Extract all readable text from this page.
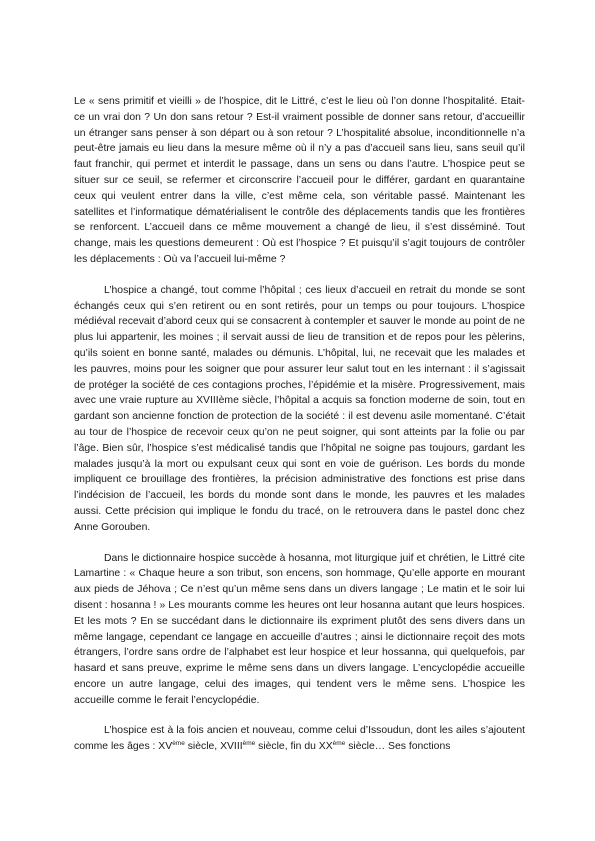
Le « sens primitif et vieilli » de l’hospice, dit le Littré, c’est le lieu où l’on donne l’hospitalité. Etait-ce un vrai don ? Un don sans retour ? Est-il vraiment possible de donner sans retour, d’accueillir un étranger sans penser à son départ ou à son retour ? L’hospitalité absolue, inconditionnelle n’a peut-être jamais eu lieu dans la mesure même où il n’y a pas d’accueil sans lieu, sans seuil qu’il faut franchir, qui permet et interdit le passage, dans un sens ou dans l’autre. L’hospice peut se situer sur ce seuil, se refermer et circonscrire l’accueil pour le différer, gardant en quarantaine ceux qui veulent entrer dans la ville, c’est même cela, son véritable passé. Maintenant les satellites et l’informatique dématérialisent le contrôle des déplacements tandis que les frontières se renforcent. L’accueil dans ce même mouvement a changé de lieu, il s’est disséminé. Tout change, mais les questions demeurent : Où est l’hospice ? Et puisqu’il s’agit toujours de contrôler les déplacements : Où va l’accueil lui-même ?

L’hospice a changé, tout comme l’hôpital ; ces lieux d’accueil en retrait du monde se sont échangés ceux qui s’en retirent ou en sont retirés, pour un temps ou pour toujours. L’hospice médiéval recevait d’abord ceux qui se consacrent à contempler et sauver le monde au point de ne plus lui appartenir, les moines ; il servait aussi de lieu de transition et de repos pour les pèlerins, qu’ils soient en bonne santé, malades ou démunis. L’hôpital, lui, ne recevait que les malades et les pauvres, moins pour les soigner que pour assurer leur salut tout en les internant : il s’agissait de protéger la société de ces contagions proches, l’épidémie et la misère. Progressivement, mais avec une vraie rupture au XVIIIème siècle, l’hôpital a acquis sa fonction moderne de soin, tout en gardant son ancienne fonction de protection de la société : il est devenu asile momentané. C’était au tour de l’hospice de recevoir ceux qu’on ne peut soigner, qui sont atteints par la folie ou par l’âge. Bien sûr, l’hospice s’est médicalisé tandis que l’hôpital ne soigne pas toujours, gardant les malades jusqu’à la mort ou expulsant ceux qui sont en voie de guérison. Les bords du monde impliquent ce brouillage des frontières, la précision administrative des fonctions est prise dans l’indécision de l’accueil, les bords du monde sont dans le monde, les pauvres et les malades aussi. Cette précision qui implique le fondu du tracé, on le retrouvera dans le pastel donc chez Anne Gorouben.

Dans le dictionnaire hospice succède à hosanna, mot liturgique juif et chrétien, le Littré cite Lamartine : « Chaque heure a son tribut, son encens, son hommage, Qu’elle apporte en mourant aux pieds de Jéhova ; Ce n’est qu’un même sens dans un divers langage ; Le matin et le soir lui disent : hosanna ! » Les mourants comme les heures ont leur hosanna autant que leurs hospices. Et les mots ? En se succédant dans le dictionnaire ils expriment plutôt des sens divers dans un même langage, cependant ce langage en accueille d’autres ; ainsi le dictionnaire reçoit des mots étrangers, l’ordre sans ordre de l’alphabet est leur hospice et leur hossanna, qui quelquefois, par hasard et sans preuve, exprime le même sens dans un divers langage. L’encyclopédie accueille encore un autre langage, celui des images, qui tendent vers le même sens. L’hospice les accueille comme le ferait l’encyclopédie.

L’hospice est à la fois ancien et nouveau, comme celui d’Issoudun, dont les ailes s’ajoutent comme les âges : XVème siècle, XVIIIème siècle, fin du XXème siècle… Ses fonctions
